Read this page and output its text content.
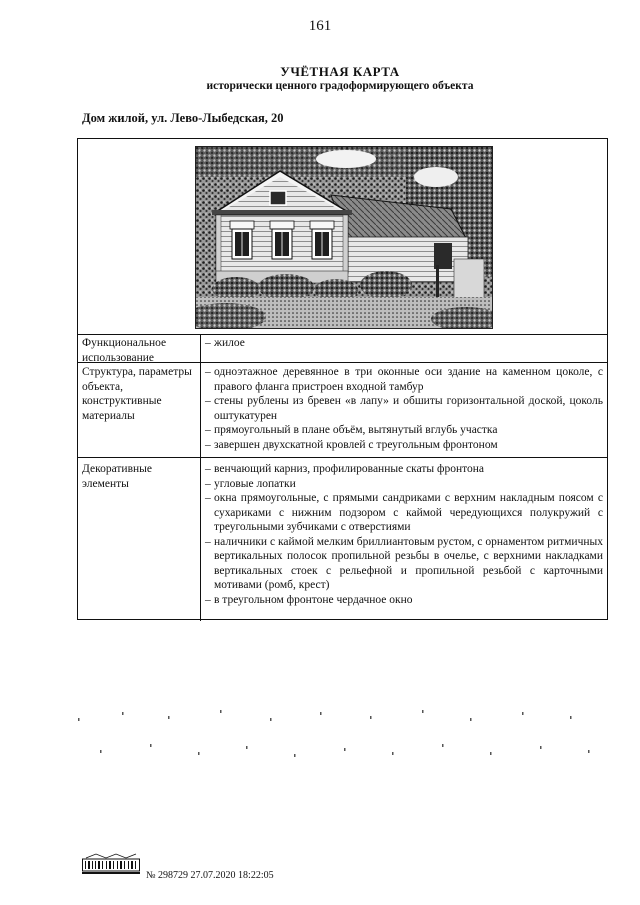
161
УЧЁТНАЯ КАРТА
исторически ценного градоформирующего объекта
Дом жилой, ул. Лево-Лыбедская, 20
Функциональное использование
– жилое
Структура, параметры объекта, конструктивные материалы
– одноэтажное деревянное в три оконные оси здание на каменном цоколе, с правого фланга пристроен входной тамбур
– стены рублены из бревен «в лапу» и обшиты горизонтальной доской, цоколь оштукатурен
– прямоугольный в плане объём, вытянутый вглубь участка
– завершен двухскатной кровлей с треугольным фронтоном
Декоративные элементы
– венчающий карниз, профилированные скаты фронтона
– угловые лопатки
– окна прямоугольные, с прямыми сандриками с верхним накладным поясом с сухариками с нижним подзором с каймой чередующихся полукружий с треугольными зубчиками с отверстиями
– наличники с каймой мелким бриллиантовым рустом, с орнаментом ритмичных вертикальных полосок пропильной резьбы в очелье, с верхними накладками вертикальных стоек с рельефной и пропильной резьбой с карточными мотивами (ромб, крест)
– в треугольном фронтоне чердачное окно
№ 298729 27.07.2020 18:22:05
